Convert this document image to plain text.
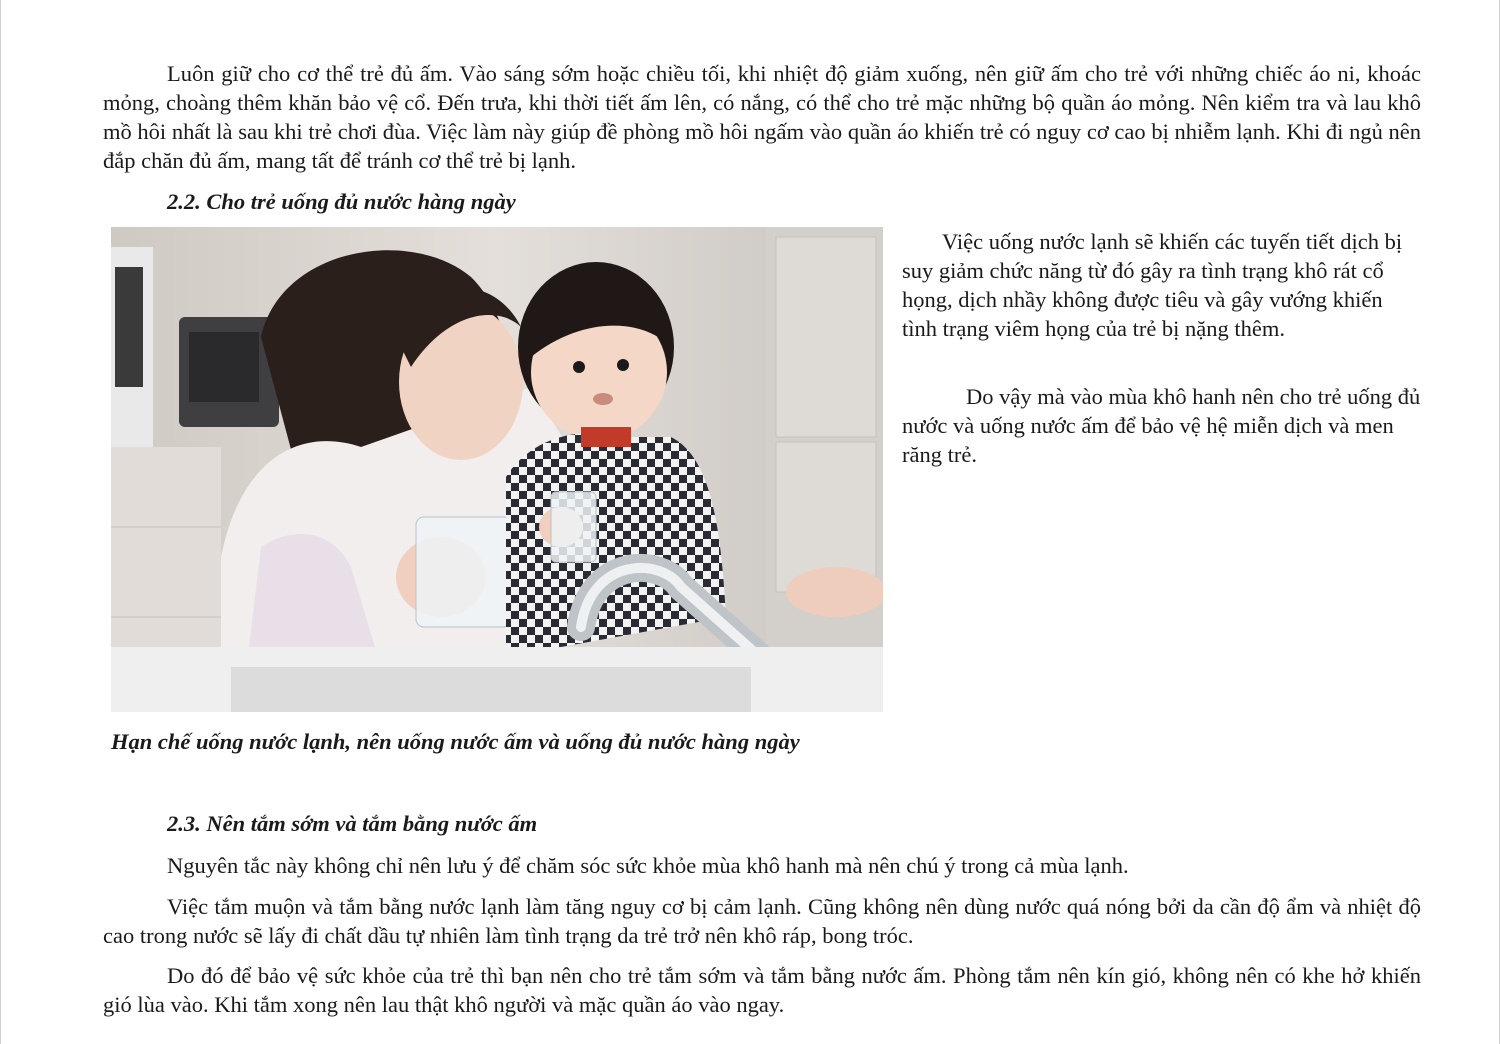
Luôn giữ cho cơ thể trẻ đủ ấm. Vào sáng sớm hoặc chiều tối, khi nhiệt độ giảm xuống, nên giữ ấm cho trẻ với những chiếc áo ni, khoác mỏng, choàng thêm khăn bảo vệ cổ. Đến trưa, khi thời tiết ấm lên, có nắng, có thể cho trẻ mặc những bộ quần áo mỏng. Nên kiểm tra và lau khô mồ hôi nhất là sau khi trẻ chơi đùa. Việc làm này giúp đề phòng mồ hôi ngấm vào quần áo khiến trẻ có nguy cơ cao bị nhiễm lạnh. Khi đi ngủ nên đắp chăn đủ ấm, mang tất để tránh cơ thể trẻ bị lạnh.

2.2. Cho trẻ uống đủ nước hàng ngày

Việc uống nước lạnh sẽ khiến các tuyến tiết dịch bị suy giảm chức năng từ đó gây ra tình trạng khô rát cổ họng, dịch nhầy không được tiêu và gây vướng khiến tình trạng viêm họng của trẻ bị nặng thêm.

Do vậy mà vào mùa khô hanh nên cho trẻ uống đủ nước và uống nước ấm để bảo vệ hệ miễn dịch và men răng trẻ.

Hạn chế uống nước lạnh, nên uống nước ấm và uống đủ nước hàng ngày

2.3. Nên tắm sớm và tắm bằng nước ấm

Nguyên tắc này không chỉ nên lưu ý để chăm sóc sức khỏe mùa khô hanh mà nên chú ý trong cả mùa lạnh.

Việc tắm muộn và tắm bằng nước lạnh làm tăng nguy cơ bị cảm lạnh. Cũng không nên dùng nước quá nóng bởi da cần độ ẩm và nhiệt độ cao trong nước sẽ lấy đi chất dầu tự nhiên làm tình trạng da trẻ trở nên khô ráp, bong tróc.

Do đó để bảo vệ sức khỏe của trẻ thì bạn nên cho trẻ tắm sớm và tắm bằng nước ấm. Phòng tắm nên kín gió, không nên có khe hở khiến gió lùa vào. Khi tắm xong nên lau thật khô người và mặc quần áo vào ngay.
